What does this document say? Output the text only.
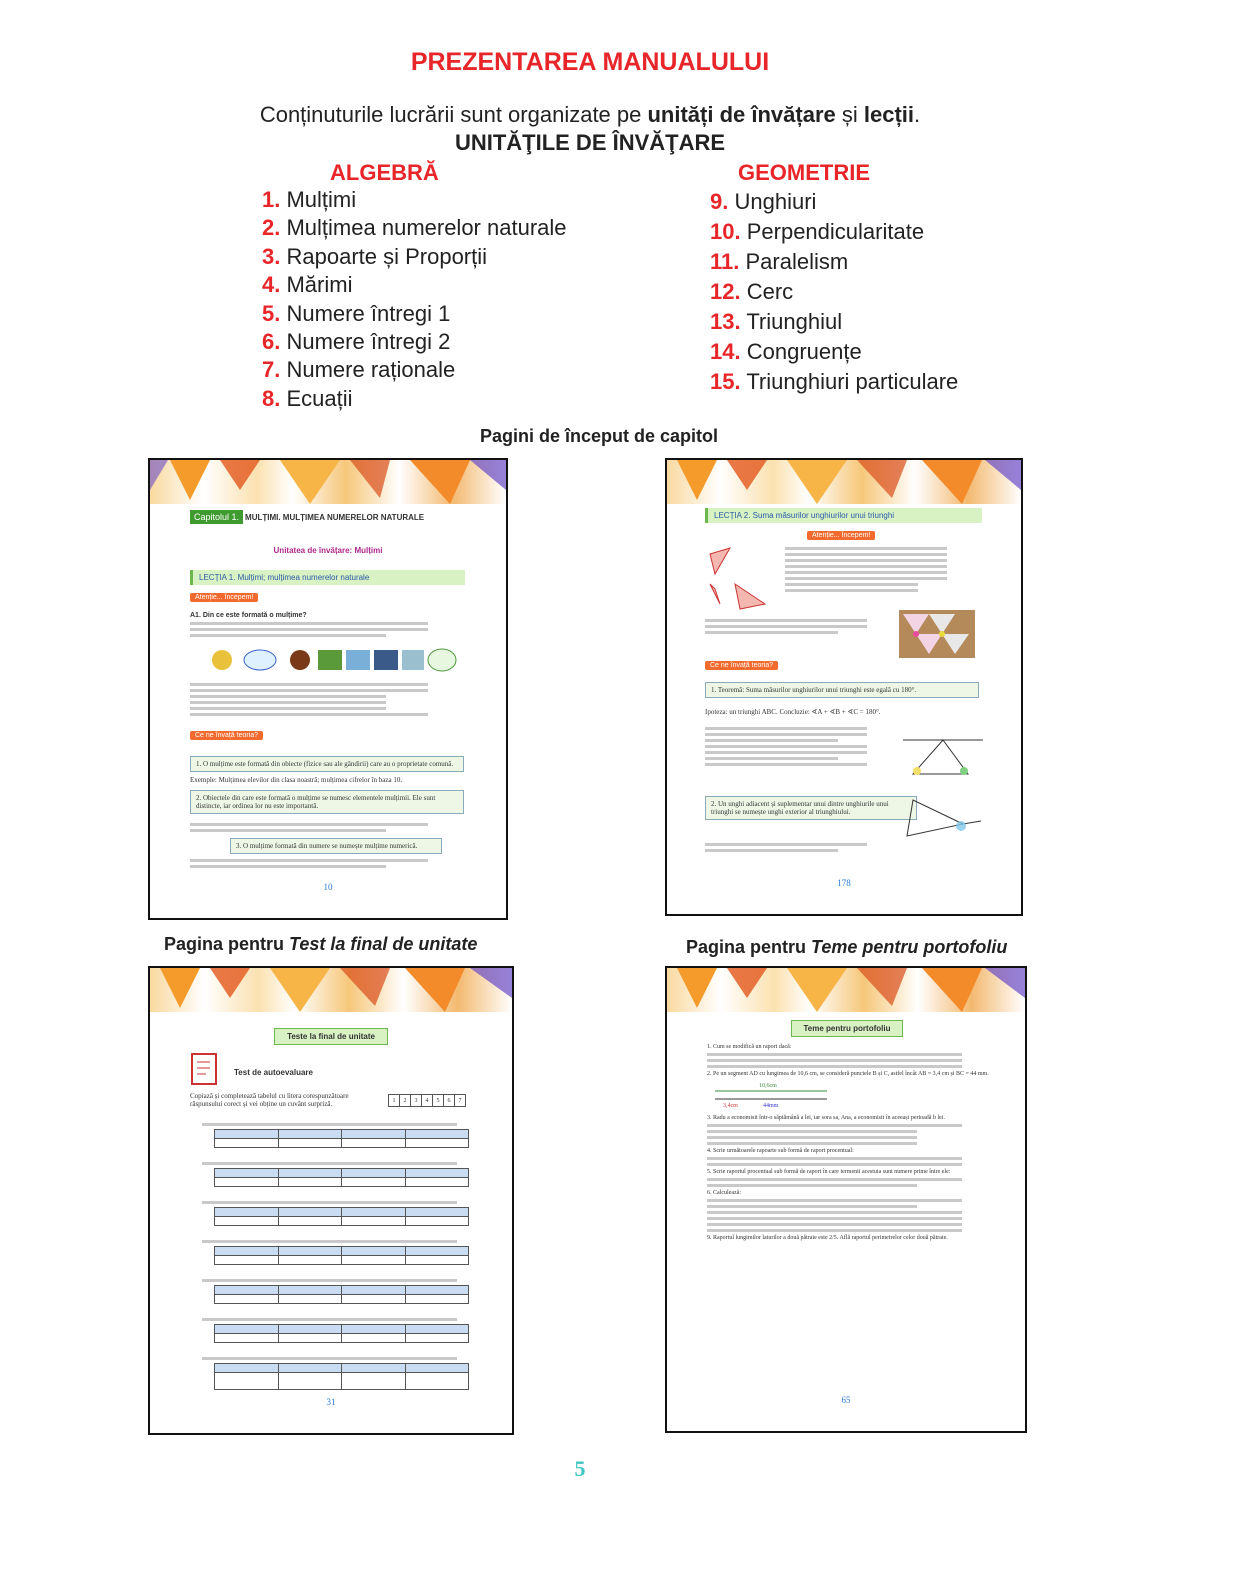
PREZENTAREA MANUALULUI
Conținuturile lucrării sunt organizate pe unități de învățare și lecții.
UNITĂŢILE DE ÎNVĂŢARE
ALGEBRĂ	GEOMETRIE
1. Mulțimi
2. Mulțimea numerelor naturale
3. Rapoarte și Proporții
4. Mărimi
5. Numere întregi 1
6. Numere întregi 2
7. Numere raționale
8. Ecuații
9. Unghiuri
10. Perpendicularitate
11. Paralelism
12. Cerc
13. Triunghiul
14. Congruențe
15. Triunghiuri particulare
Pagini de început de capitol
Pagina pentru Test la final de unitate	Pagina pentru Teme pentru portofoliu
Capitolul 1. MULȚIMI. MULȚIMEA NUMERELOR NATURALE
Unitatea de învățare: Mulțimi
LECȚIA 1. Mulțimi; mulțimea numerelor naturale
Atenție... Începem!
A1. Din ce este formată o mulțime?
Ce ne învață teoria?
1. O mulțime este formată din obiecte (fizice sau ale gândirii) care au o proprietate comună.
Exemple: Mulțimea elevilor din clasa noastră; mulțimea cifrelor în baza 10.
2. Obiectele din care este formată o mulțime se numesc elementele mulțimii. Ele sunt distincte, iar ordinea lor nu este importantă.
3. O mulțime formată din numere se numește mulțime numerică.
10
LECȚIA 2. Suma măsurilor unghiurilor unui triunghi
Atenție... Începem!
Ce ne învață teoria?
1. Teoremă: Suma măsurilor unghiurilor unui triunghi este egală cu 180°.
Ipoteza: un triunghi ABC. Concluzie: ∢A + ∢B + ∢C = 180°.
2. Un unghi adiacent și suplementar unui dintre unghiurile unui triunghi se numește unghi exterior al triunghiului.
178
Teste la final de unitate
Test de autoevaluare
Copiază și completează tabelul cu litera corespunzătoare răspunsului corect și vei obține un cuvânt surpriză.	1	2	3	4	5	6	7

31
Teme pentru portofoliu
1. Cum se modifică un raport dacă:
2. Pe un segment AD cu lungimea de 10,6 cm, se consideră punctele B și C, astfel încât AB = 3,4 cm și BC = 44 mm.
10,6cm
3,4cm	44mm
3. Radu a economisit într-o săptămână a lei, iar sora sa, Ana, a economisit în aceeași perioadă b lei.
4. Scrie următoarele rapoarte sub formă de raport procentual:
5. Scrie raportul procentual sub formă de raport în care termenii acestuia sunt numere prime între ele:
6. Calculează:
9. Raportul lungimilor laturilor a două pătrate este 2/5. Află raportul perimetrelor celor două pătrate.
65
5
